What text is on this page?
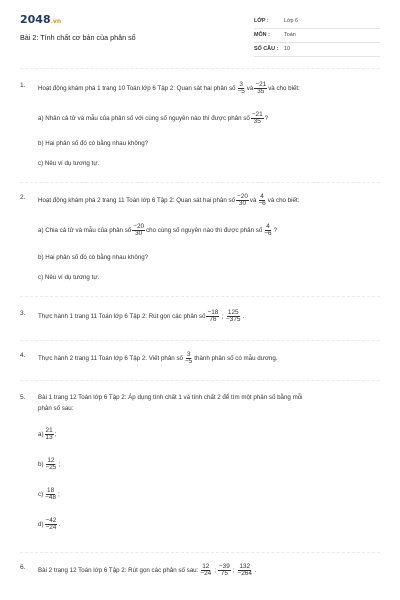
2048.vn
Bài 2: Tính chất cơ bản của phân số
LỚP :	Lớp 6
MÔN :	Toán
SỐ CÂU : 10
1. Hoạt động khám phá 1 trang 10 Toán lớp 6 Tập 2: Quan sát hai phân số $\frac{3}{-5}$ và $\frac{-21}{35}$ và cho biết:
a) Nhân cả tử và mẫu của phân số với cùng số nguyên nào thì được phân số $\frac{-21}{35}$ ?
b) Hai phân số đó có bằng nhau không?
c) Nêu ví dụ tương tự.
2. Hoạt động khám phá 2 trang 11 Toán lớp 6 Tập 2: Quan sát hai phân số $\frac{-20}{30}$ và $\frac{4}{-6}$ và cho biết:
a) Chia cả tử và mẫu của phân số $\frac{-20}{30}$ cho cùng số nguyên nào thì được phân số $\frac{4}{-6}$ ?
b) Hai phân số đó có bằng nhau không?
c) Nêu ví dụ tương tự.
3. Thực hành 1 trang 11 Toán lớp 6 Tập 2: Rút gọn các phân số $\frac{-18}{76}$ ; $\frac{125}{-375}$ .
4. Thực hành 2 trang 11 Toán lớp 6 Tập 2: Viết phân số $\frac{3}{-5}$ thành phân số có mẫu dương.
5. Bài 1 trang 12 Toán lớp 6 Tập 2: Áp dụng tính chất 1 và tính chất 2 để tìm một phân số bằng mỗi
phân số sau:
$a) \frac{21}{13}$ ;
$b) \frac{12}{-25}$ ;
$c) \frac{18}{-48}$ ;
$d) \frac{-42}{-24}$ .
6. Bài 2 trang 12 Toán lớp 6 Tập 2: Rút gọn các phân số sau: $\frac{12}{-24}$ ; $\frac{-39}{75}$ ; $\frac{132}{-264}$ .
